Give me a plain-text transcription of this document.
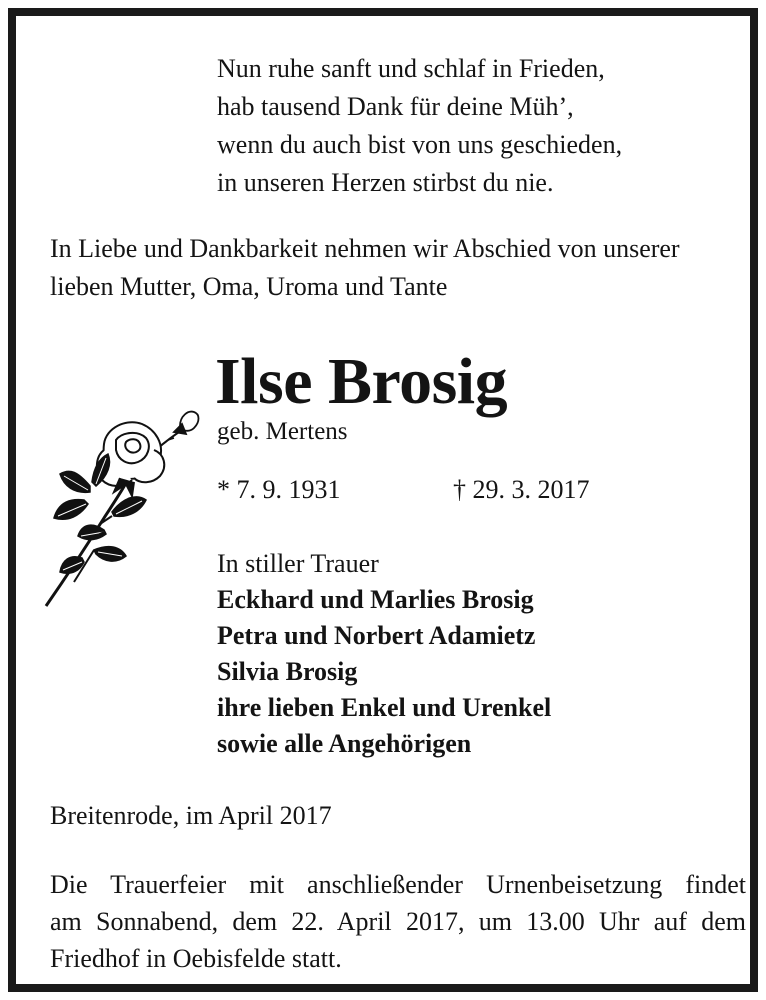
Nun ruhe sanft und schlaf in Frieden,
hab tausend Dank für deine Müh’,
wenn du auch bist von uns geschieden,
in unseren Herzen stirbst du nie.
In Liebe und Dankbarkeit nehmen wir Abschied von unserer
lieben Mutter, Oma, Uroma und Tante
Ilse Brosig
geb. Mertens
* 7. 9. 1931	† 29. 3. 2017
In stiller Trauer
Eckhard und Marlies Brosig
Petra und Norbert Adamietz
Silvia Brosig
ihre lieben Enkel und Urenkel
sowie alle Angehörigen
Breitenrode, im April 2017
Die Trauerfeier mit anschließender Urnenbeisetzung findet
am Sonnabend, dem 22. April 2017, um 13.00 Uhr auf dem
Friedhof in Oebisfelde statt.
